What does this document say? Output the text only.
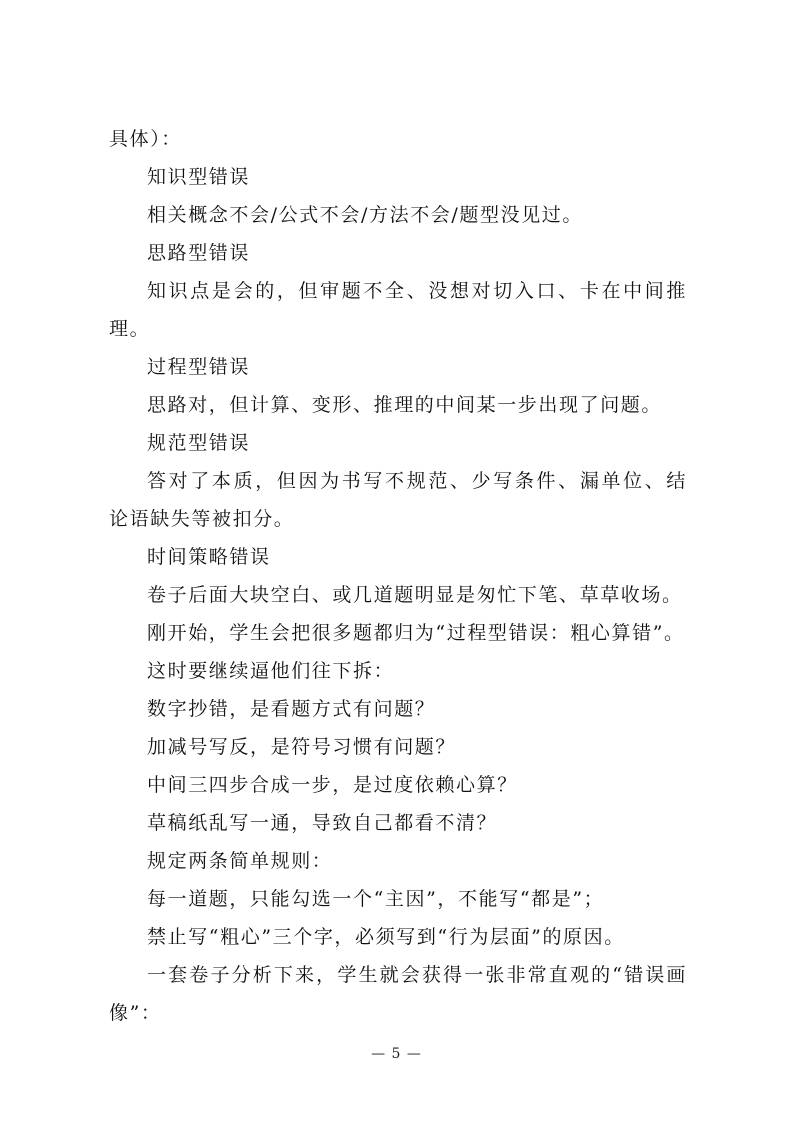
具体）：
知识型错误
相关概念不会/公式不会/方法不会/题型没见过。
思路型错误
知识点是会的，但审题不全、没想对切入口、卡在中间推
理。
过程型错误
思路对，但计算、变形、推理的中间某一步出现了问题。
规范型错误
答对了本质，但因为书写不规范、少写条件、漏单位、结
论语缺失等被扣分。
时间策略错误
卷子后面大块空白、或几道题明显是匆忙下笔、草草收场。
刚开始，学生会把很多题都归为“过程型错误：粗心算错”。
这时要继续逼他们往下拆：
数字抄错，是看题方式有问题？
加减号写反，是符号习惯有问题？
中间三四步合成一步，是过度依赖心算？
草稿纸乱写一通，导致自己都看不清？
规定两条简单规则：
每一道题，只能勾选一个“主因”，不能写“都是”；
禁止写“粗心”三个字，必须写到“行为层面”的原因。
一套卷子分析下来，学生就会获得一张非常直观的“错误画
像”：
— 5 —
